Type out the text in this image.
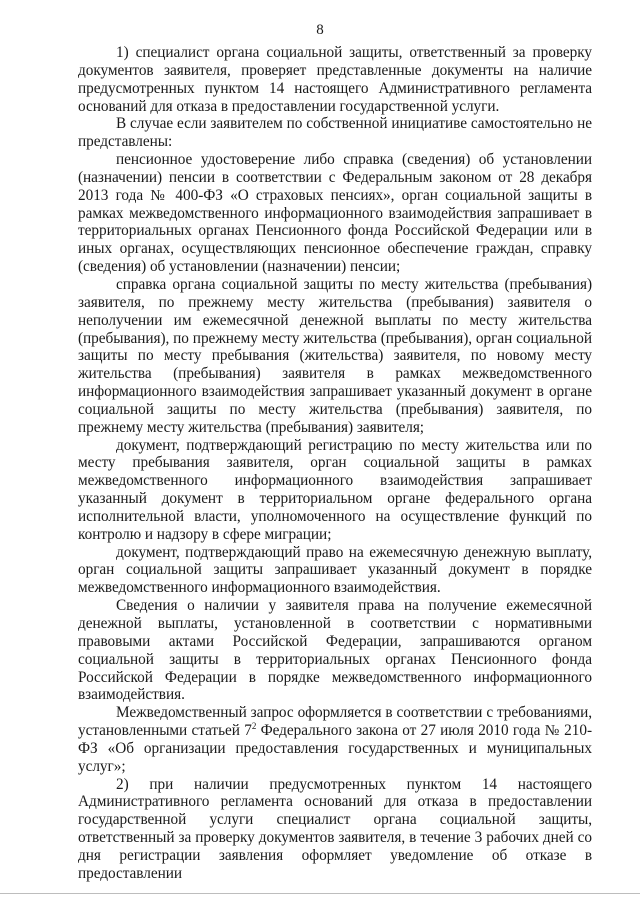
8

1) специалист органа социальной защиты, ответственный за проверку документов заявителя, проверяет представленные документы на наличие предусмотренных пунктом 14 настоящего Административного регламента оснований для отказа в предоставлении государственной услуги.

В случае если заявителем по собственной инициативе самостоятельно не представлены:

пенсионное удостоверение либо справка (сведения) об установлении (назначении) пенсии в соответствии с Федеральным законом от 28 декабря 2013 года № 400-ФЗ «О страховых пенсиях», орган социальной защиты в рамках межведомственного информационного взаимодействия запрашивает в территориальных органах Пенсионного фонда Российской Федерации или в иных органах, осуществляющих пенсионное обеспечение граждан, справку (сведения) об установлении (назначении) пенсии;

справка органа социальной защиты по месту жительства (пребывания) заявителя, по прежнему месту жительства (пребывания) заявителя о неполучении им ежемесячной денежной выплаты по месту жительства (пребывания), по прежнему месту жительства (пребывания), орган социальной защиты по месту пребывания (жительства) заявителя, по новому месту жительства (пребывания) заявителя в рамках межведомственного информационного взаимодействия запрашивает указанный документ в органе социальной защиты по месту жительства (пребывания) заявителя, по прежнему месту жительства (пребывания) заявителя;

документ, подтверждающий регистрацию по месту жительства или по месту пребывания заявителя, орган социальной защиты в рамках межведомственного информационного взаимодействия запрашивает указанный документ в территориальном органе федерального органа исполнительной власти, уполномоченного на осуществление функций по контролю и надзору в сфере миграции;

документ, подтверждающий право на ежемесячную денежную выплату, орган социальной защиты запрашивает указанный документ в порядке межведомственного информационного взаимодействия.

Сведения о наличии у заявителя права на получение ежемесячной денежной выплаты, установленной в соответствии с нормативными правовыми актами Российской Федерации, запрашиваются органом социальной защиты в территориальных органах Пенсионного фонда Российской Федерации в порядке межведомственного информационного взаимодействия.

Межведомственный запрос оформляется в соответствии с требованиями, установленными статьей $7^2$ Федерального закона от 27 июля 2010 года № 210-ФЗ «Об организации предоставления государственных и муниципальных услуг»;

2) при наличии предусмотренных пунктом 14 настоящего Административного регламента оснований для отказа в предоставлении государственной услуги специалист органа социальной защиты, ответственный за проверку документов заявителя, в течение 3 рабочих дней со дня регистрации заявления оформляет уведомление об отказе в предоставлении
